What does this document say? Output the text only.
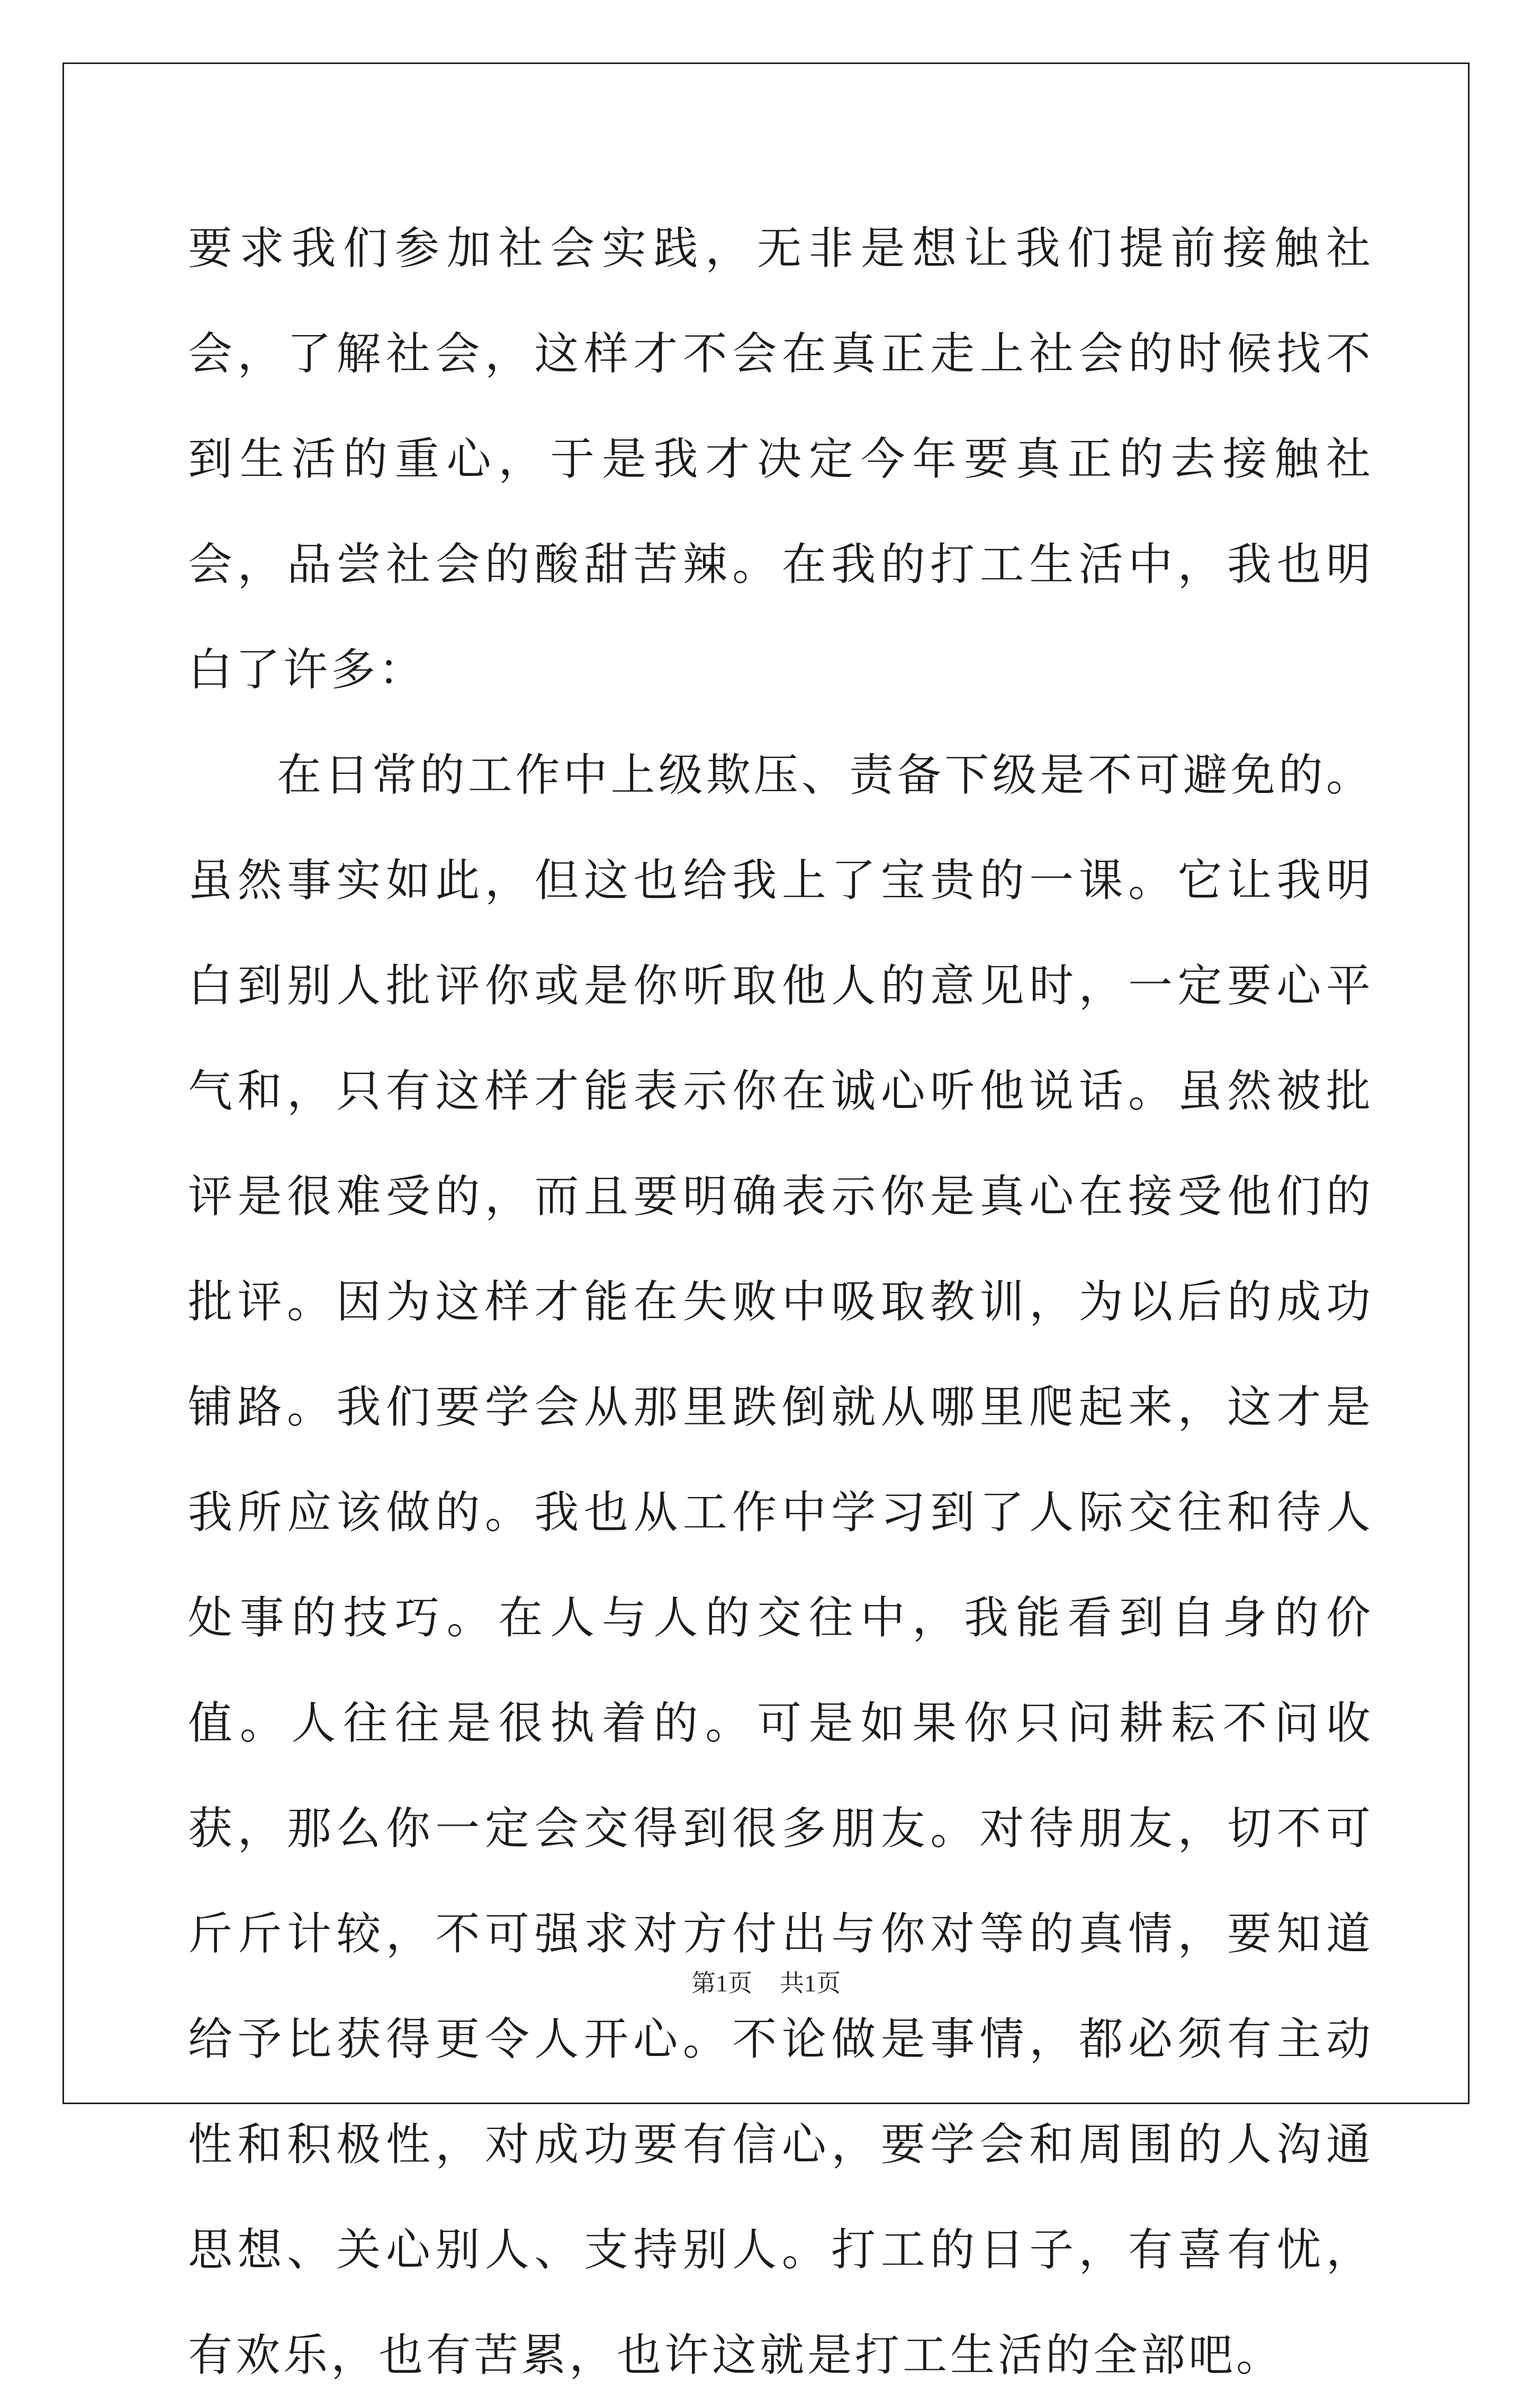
要求我们参加社会实践，无非是想让我们提前接触社会，了解社会，这样才不会在真正走上社会的时候找不到生活的重心，于是我才决定今年要真正的去接触社会，品尝社会的酸甜苦辣。在我的打工生活中，我也明白了许多：

在日常的工作中上级欺压、责备下级是不可避免的。虽然事实如此，但这也给我上了宝贵的一课。它让我明白到别人批评你或是你听取他人的意见时，一定要心平气和，只有这样才能表示你在诚心听他说话。虽然被批评是很难受的，而且要明确表示你是真心在接受他们的批评。因为这样才能在失败中吸取教训，为以后的成功铺路。我们要学会从那里跌倒就从哪里爬起来，这才是我所应该做的。我也从工作中学习到了人际交往和待人处事的技巧。在人与人的交往中，我能看到自身的价值。人往往是很执着的。可是如果你只问耕耘不问收获，那么你一定会交得到很多朋友。对待朋友，切不可斤斤计较，不可强求对方付出与你对等的真情，要知道给予比获得更令人开心。不论做是事情，都必须有主动性和积极性，对成功要有信心，要学会和周围的人沟通思想、关心别人、支持别人。打工的日子，有喜有忧，有欢乐，也有苦累，也许这就是打工生活的全部吧。

第1页 共1页
